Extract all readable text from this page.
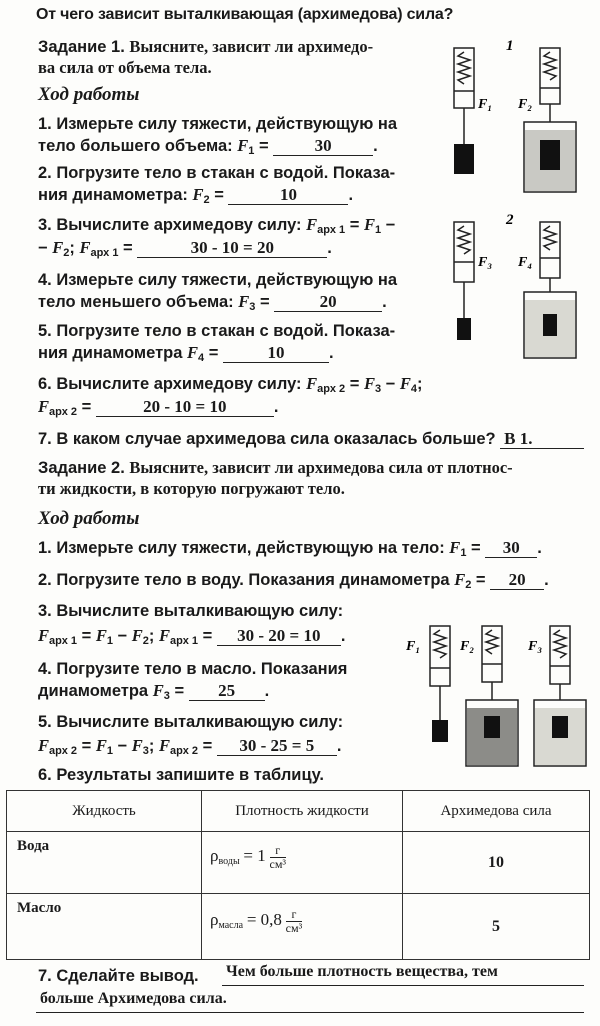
От чего зависит выталкивающая (архимедова) сила?
Задание 1. Выясните, зависит ли архимедо-
ва сила от объема тела.
Ход работы
1. Измерьте силу тяжести, действующую на
тело большего объема: $F_1 = 30$	.
2. Погрузите тело в стакан с водой. Показа-
ния динамометра: $F_2$ =	10	.
3. Вычислите архимедову силу: $F_{арх 1} = F_1$ −
− $F_2$; $F_{арх 1}$ =	30 - 10 = 20	.
4. Измерьте силу тяжести, действующую на
тело меньшего объема: $F_3$ =	20	.
5. Погрузите тело в стакан с водой. Показа-
ния динамометра $F_4$ =	10	.
6. Вычислите архимедову силу: $F_{арх 2} = F_3 - F_4$;
$F_{арх 2}$ =	20 - 10 = 10	.
7. В каком случае архимедова сила оказалась больше? В 1.
Задание 2. Выясните, зависит ли архимедова сила от плотнос-
ти жидкости, в которую погружают тело.
Ход работы
1. Измерьте силу тяжести, действующую на тело: $F_1 = 30$ .
2. Погрузите тело в воду. Показания динамометра $F_2 = 20$ .
3. Вычислите выталкивающую силу:
$F_{арх 1} = F_1 - F_2$; $F_{арх 1} = 30 - 20 = 10$ .
4. Погрузите тело в масло. Показания
динамометра $F_3 = 25$ .
5. Вычислите выталкивающую силу:
$F_{арх 2} = F_1 - F_3$; $F_{арх 2} = 30 - 25 = 5$ .
6. Результаты запишите в таблицу.
Жидкость	Плотность жидкости	Архимедова сила
Вода	$\rho_{воды} = 1$ г
см³	10
Масло	$\rho_{масла} = 0,8$ г
см³	5
7. Сделайте вывод. Чем больше плотность вещества, тем
больше Архимедова сила.
1
F₁ F₂
2
F₃ F₄
F₁	F₂	F₃
